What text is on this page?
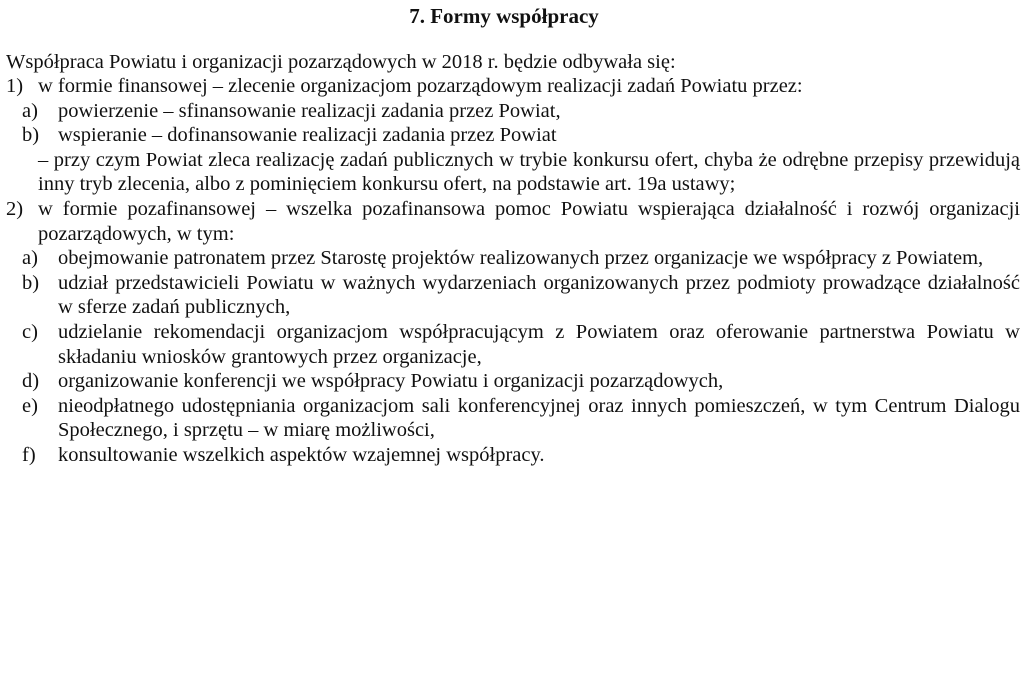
7. Formy współpracy
Współpraca Powiatu i organizacji pozarządowych w 2018 r. będzie odbywała się:
1) w formie finansowej – zlecenie organizacjom pozarządowym realizacji zadań Powiatu przez:
a) powierzenie – sfinansowanie realizacji zadania przez Powiat,
b) wspieranie – dofinansowanie realizacji zadania przez Powiat
– przy czym Powiat zleca realizację zadań publicznych w trybie konkursu ofert, chyba że odrębne przepisy przewidują inny tryb zlecenia, albo z pominięciem konkursu ofert, na podstawie art. 19a ustawy;
2) w formie pozafinansowej – wszelka pozafinansowa pomoc Powiatu wspierająca działalność i rozwój organizacji pozarządowych, w tym:
a) obejmowanie patronatem przez Starostę projektów realizowanych przez organizacje we współpracy z Powiatem,
b) udział przedstawicieli Powiatu w ważnych wydarzeniach organizowanych przez podmioty prowadzące działalność w sferze zadań publicznych,
c) udzielanie rekomendacji organizacjom współpracującym z Powiatem oraz oferowanie partnerstwa Powiatu w składaniu wniosków grantowych przez organizacje,
d) organizowanie konferencji we współpracy Powiatu i organizacji pozarządowych,
e) nieodpłatnego udostępniania organizacjom sali konferencyjnej oraz innych pomieszczeń, w tym Centrum Dialogu Społecznego, i sprzętu – w miarę możliwości,
f) konsultowanie wszelkich aspektów wzajemnej współpracy.
